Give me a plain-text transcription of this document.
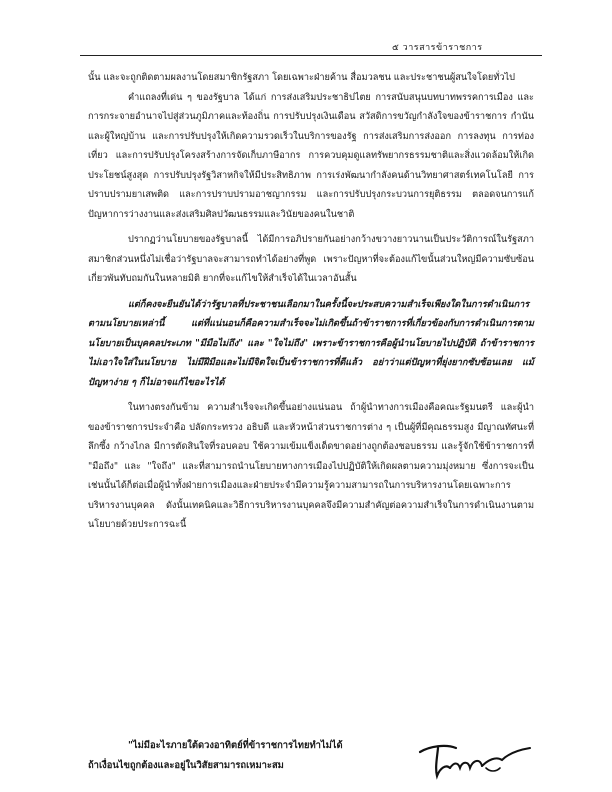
๕ วารสารข้าราชการ

นั้น และจะถูกติดตามผลงานโดยสมาชิกรัฐสภา โดยเฉพาะฝ่ายค้าน สื่อมวลชน และประชาชนผู้สนใจโดยทั่วไป

คำแถลงที่เด่น ๆ ของรัฐบาล ได้แก่ การส่งเสริมประชาธิปไตย การสนับสนุนบทบาทพรรคการเมือง และการกระจายอำนาจไปสู่ส่วนภูมิภาคและท้องถิ่น การปรับปรุงเงินเดือน สวัสดิการขวัญกำลังใจของข้าราชการ กำนัน และผู้ใหญ่บ้าน และการปรับปรุงให้เกิดความรวดเร็วในบริการของรัฐ การส่งเสริมการส่งออก การลงทุน การท่องเที่ยว และการปรับปรุงโครงสร้างการจัดเก็บภาษีอากร การควบคุมดูแลทรัพยากรธรรมชาติและสิ่งแวดล้อมให้เกิดประโยชน์สูงสุด การปรับปรุงรัฐวิสาหกิจให้มีประสิทธิภาพ การเร่งพัฒนากำลังคนด้านวิทยาศาสตร์เทคโนโลยี การปราบปรามยาเสพติด และการปราบปรามอาชญากรรม และการปรับปรุงกระบวนการยุติธรรม ตลอดจนการแก้ปัญหาการว่างงานและส่งเสริมศิลปวัฒนธรรมและวินัยของคนในชาติ

ปรากฏว่านโยบายของรัฐบาลนี้ ได้มีการอภิปรายกันอย่างกว้างขวางยาวนานเป็นประวัติการณ์ในรัฐสภา สมาชิกส่วนหนึ่งไม่เชื่อว่ารัฐบาลจะสามารถทำได้อย่างที่พูด เพราะปัญหาที่จะต้องแก้ไขนั้นส่วนใหญ่มีความซับซ้อนเกี่ยวพันทับถมกันในหลายมิติ ยากที่จะแก้ไขให้สำเร็จได้ในเวลาอันสั้น

แต่ก็คงจะยืนยันได้ว่ารัฐบาลที่ประชาชนเลือกมาในครั้งนี้จะประสบความสำเร็จเพียงใดในการดำเนินการตามนโยบายเหล่านี้ แต่ที่แน่นอนก็คือความสำเร็จจะไม่เกิดขึ้นถ้าข้าราชการที่เกี่ยวข้องกับการดำเนินการตามนโยบายเป็นบุคคลประเภท "มีมือไม่ถึง" และ "ใจไม่ถึง" เพราะข้าราชการคือผู้นำนโยบายไปปฏิบัติ ถ้าข้าราชการไม่เอาใจใส่ในนโยบาย ไม่มีฝีมือและไม่มีจิตใจเป็นข้าราชการที่ดีแล้ว อย่าว่าแต่ปัญหาที่ยุ่งยากซับซ้อนเลย แม้ปัญหาง่าย ๆ ก็ไม่อาจแก้ไขอะไรได้

ในทางตรงกันข้าม ความสำเร็จจะเกิดขึ้นอย่างแน่นอน ถ้าผู้นำทางการเมืองคือคณะรัฐมนตรี และผู้นำของข้าราชการประจำคือ ปลัดกระทรวง อธิบดี และหัวหน้าส่วนราชการต่าง ๆ เป็นผู้ที่มีคุณธรรมสูง มีญาณทัศนะที่ลึกซึ้ง กว้างไกล มีการตัดสินใจที่รอบคอบ ใช้ความเข้มแข็งเด็ดขาดอย่างถูกต้องชอบธรรม และรู้จักใช้ข้าราชการที่ "มือถึง" และ "ใจถึง" และที่สามารถนำนโยบายทางการเมืองไปปฏิบัติให้เกิดผลตามความมุ่งหมาย ซึ่งการจะเป็นเช่นนั้นได้ก็ต่อเมื่อผู้นำทั้งฝ่ายการเมืองและฝ่ายประจำมีความรู้ความสามารถในการบริหารงานโดยเฉพาะการบริหารงานบุคคล ดังนั้นเทคนิคและวิธีการบริหารงานบุคคลจึงมีความสำคัญต่อความสำเร็จในการดำเนินงานตามนโยบายด้วยประการฉะนี้

"ไม่มีอะไรภายใต้ดวงอาทิตย์ที่ข้าราชการไทยทำไม่ได้
ถ้าเงื่อนไขถูกต้องและอยู่ในวิสัยสามารถเหมาะสม
